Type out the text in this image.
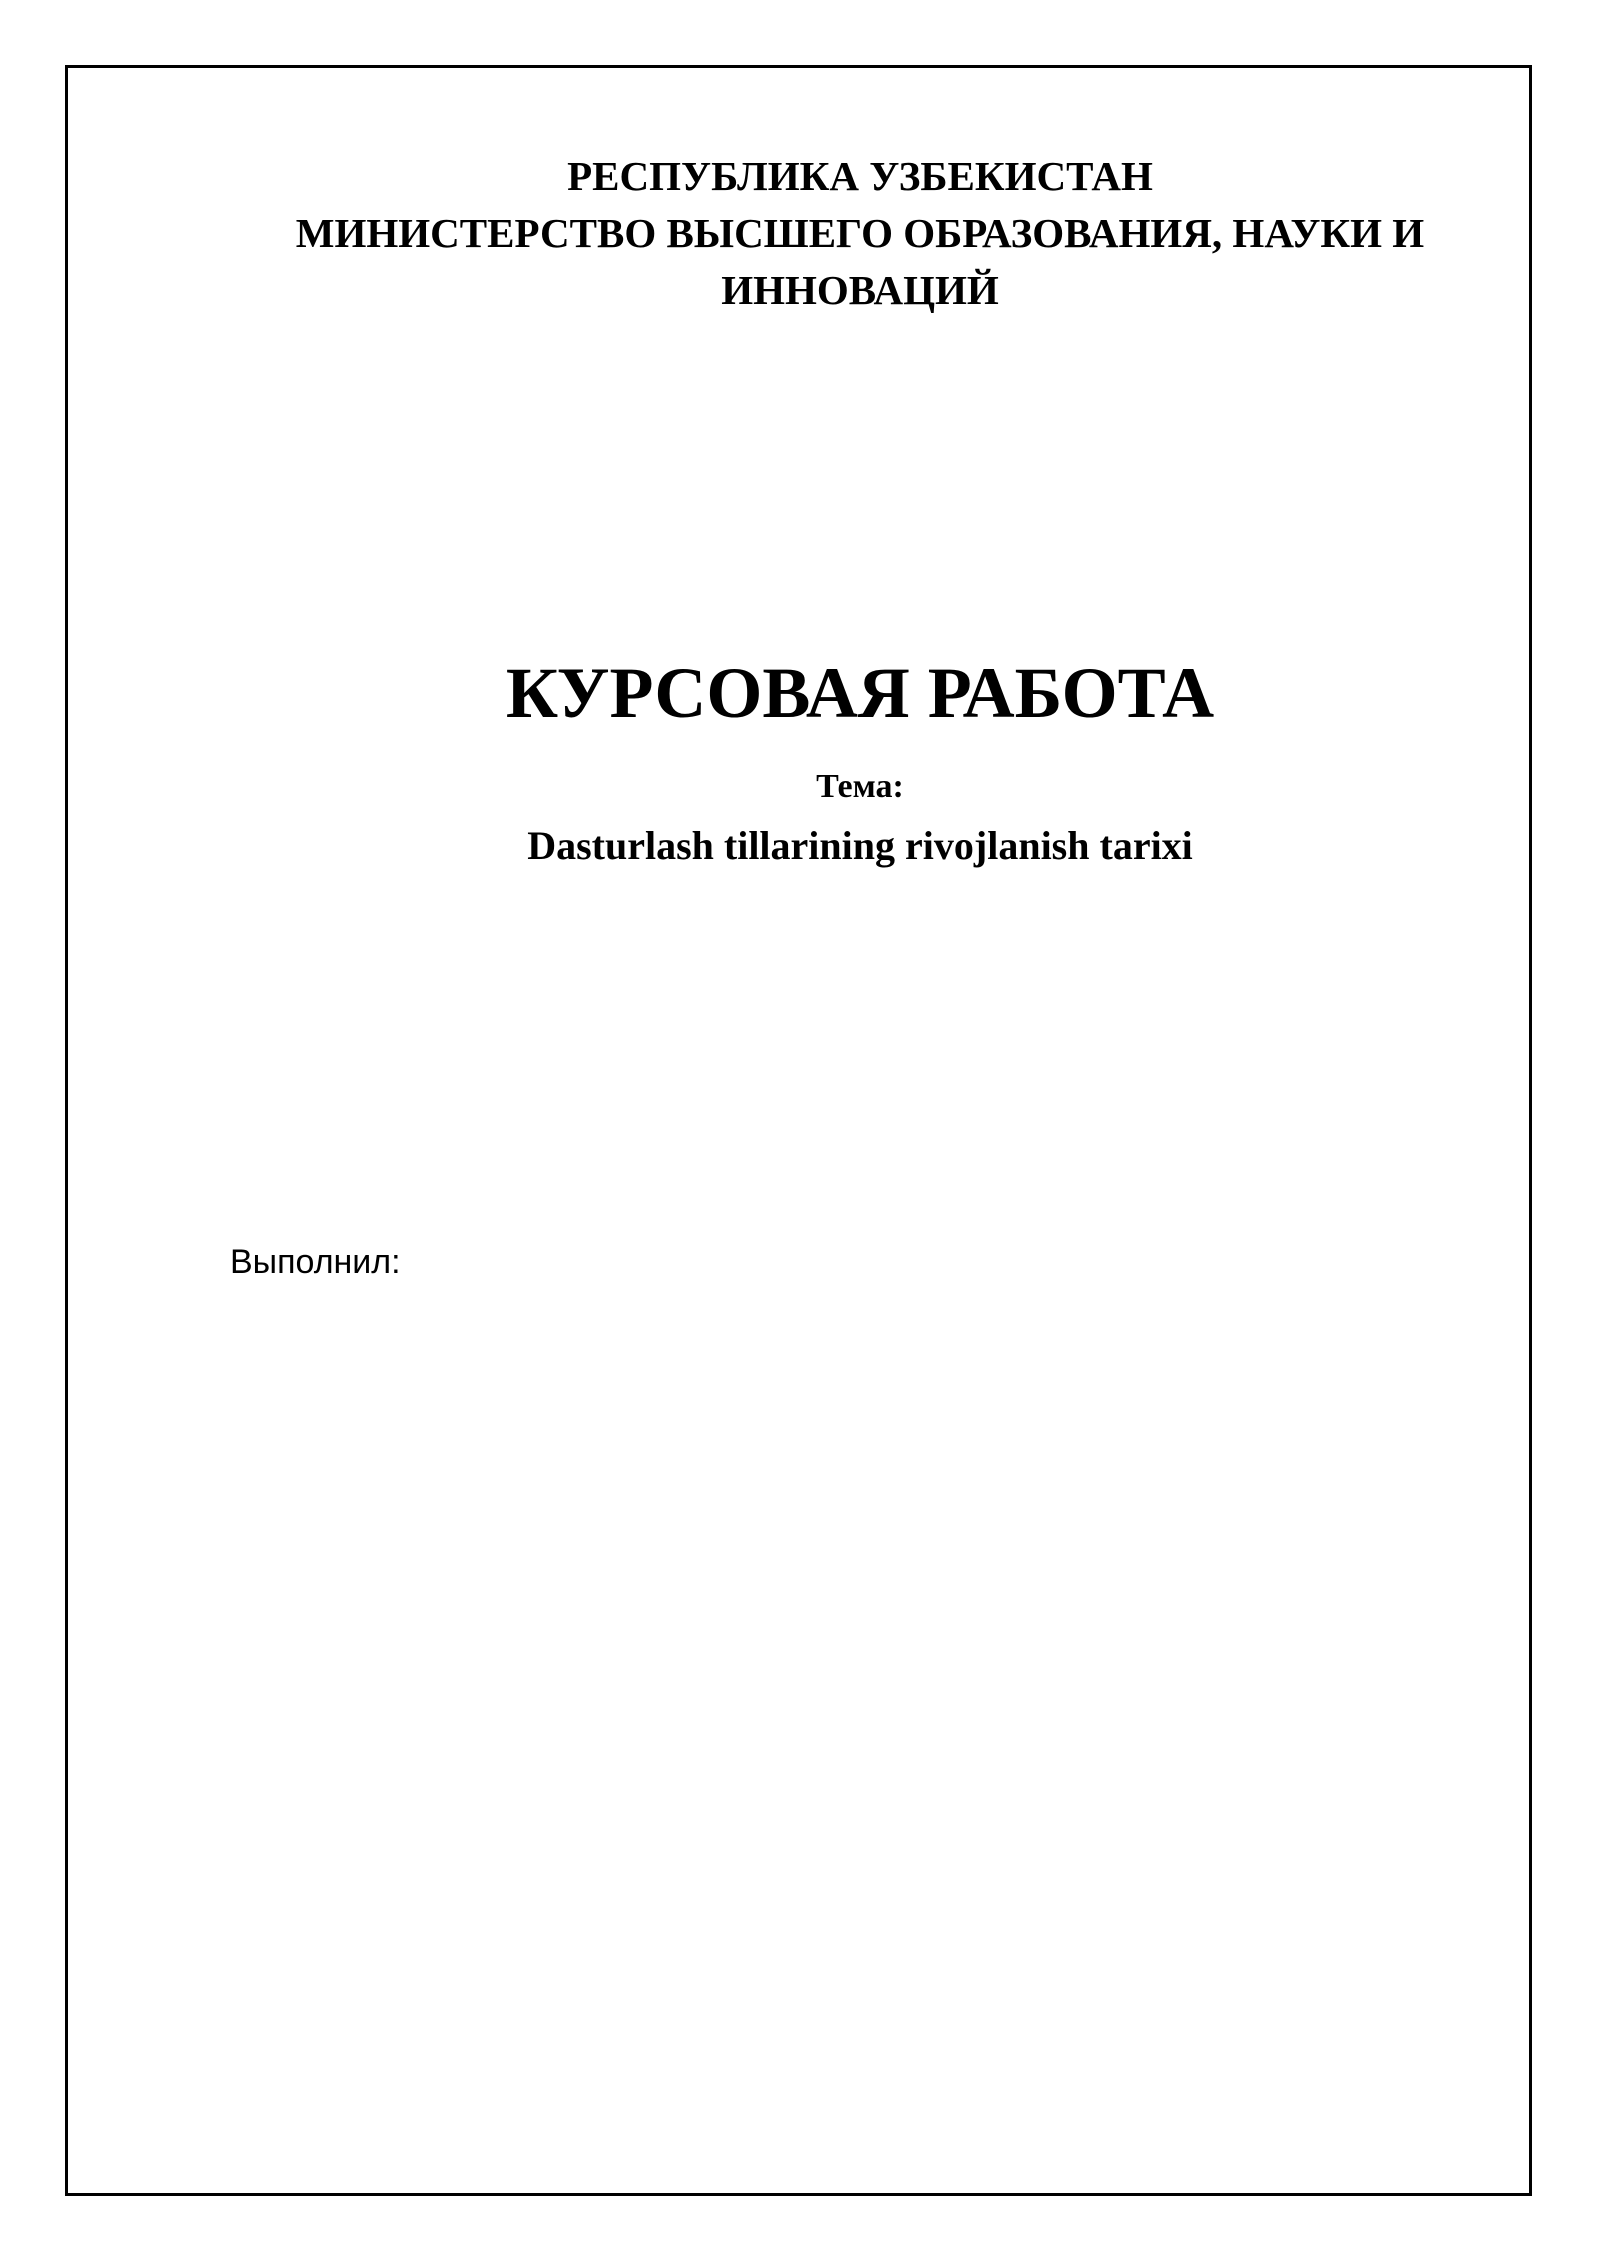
РЕСПУБЛИКА УЗБЕКИСТАН
МИНИСТЕРСТВО ВЫСШЕГО ОБРАЗОВАНИЯ, НАУКИ И
ИННОВАЦИЙ
КУРСОВАЯ РАБОТА
Тема:
Dasturlash tillarining rivojlanish tarixi
Выполнил:
